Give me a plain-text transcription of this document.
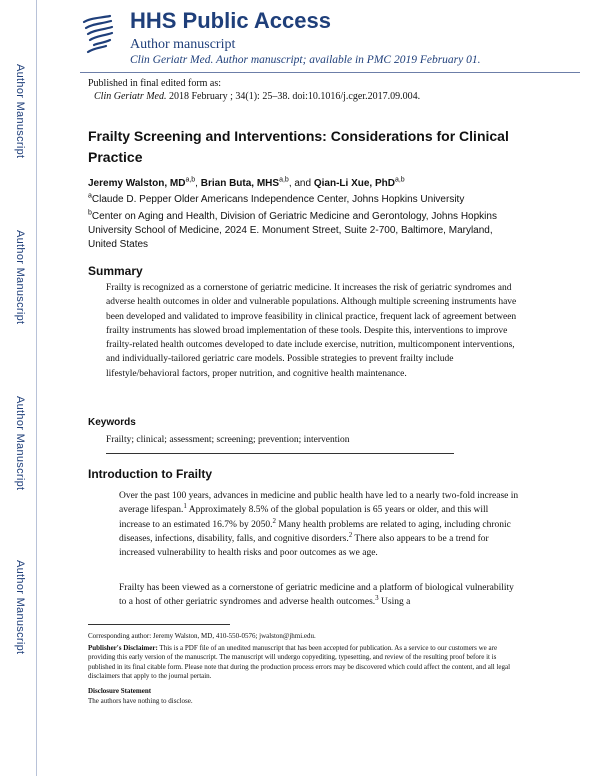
Author Manuscript
Author Manuscript
Author Manuscript
Author Manuscript
HHS Public Access
Author manuscript
Clin Geriatr Med. Author manuscript; available in PMC 2019 February 01.
Published in final edited form as:
Clin Geriatr Med. 2018 February ; 34(1): 25–38. doi:10.1016/j.cger.2017.09.004.
Frailty Screening and Interventions: Considerations for Clinical Practice
Jeremy Walston, MD$^{a,b}$, Brian Buta, MHS$^{a,b}$, and Qian-Li Xue, PhD$^{a,b}$
$^a$Claude D. Pepper Older Americans Independence Center, Johns Hopkins University
$^b$Center on Aging and Health, Division of Geriatric Medicine and Gerontology, Johns Hopkins University School of Medicine, 2024 E. Monument Street, Suite 2-700, Baltimore, Maryland, United States
Summary
Frailty is recognized as a cornerstone of geriatric medicine. It increases the risk of geriatric syndromes and adverse health outcomes in older and vulnerable populations. Although multiple screening instruments have been developed and validated to improve feasibility in clinical practice, frequent lack of agreement between frailty instruments has slowed broad implementation of these tools. Despite this, interventions to improve frailty-related health outcomes developed to date include exercise, nutrition, multicomponent interventions, and individually-tailored geriatric care models. Possible strategies to prevent frailty include lifestyle/behavioral factors, proper nutrition, and cognitive health maintenance.
Keywords
Frailty; clinical; assessment; screening; prevention; intervention
Introduction to Frailty
Over the past 100 years, advances in medicine and public health have led to a nearly two-fold increase in average lifespan.$^1$ Approximately 8.5% of the global population is 65 years or older, and this will increase to an estimated 16.7% by 2050.$^2$ Many health problems are related to aging, including chronic diseases, infections, disability, falls, and cognitive disorders.$^2$ There also appears to be a trend for increased vulnerability to health risks and poor outcomes as we age.
Frailty has been viewed as a cornerstone of geriatric medicine and a platform of biological vulnerability to a host of other geriatric syndromes and adverse health outcomes.$^3$ Using a
Corresponding author: Jeremy Walston, MD, 410-550-0576; jwalston@jhmi.edu.
Publisher's Disclaimer: This is a PDF file of an unedited manuscript that has been accepted for publication. As a service to our customers we are providing this early version of the manuscript. The manuscript will undergo copyediting, typesetting, and review of the resulting proof before it is published in its final citable form. Please note that during the production process errors may be discovered which could affect the content, and all legal disclaimers that apply to the journal pertain.
Disclosure Statement
The authors have nothing to disclose.
